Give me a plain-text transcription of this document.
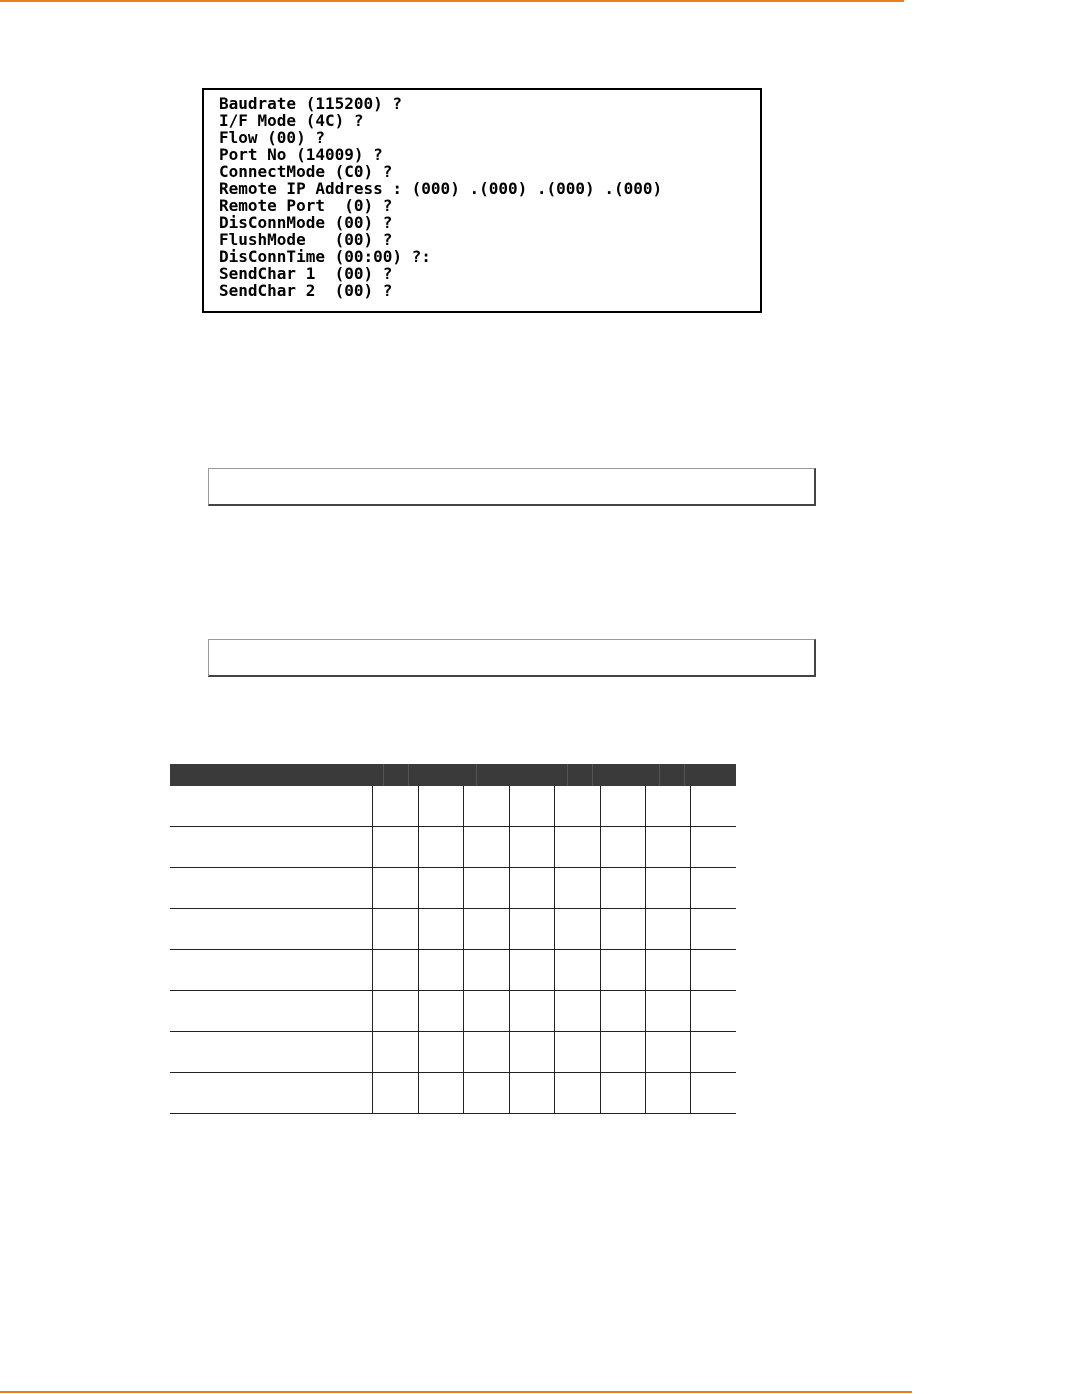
Baudrate (115200) ?
I/F Mode (4C) ?
Flow (00) ?
Port No (14009) ?
ConnectMode (C0) ?
Remote IP Address : (000) .(000) .(000) .(000)
Remote Port  (0) ?
DisConnMode (00) ?
FlushMode   (00) ?
DisConnTime (00:00) ?:
SendChar 1  (00) ?
SendChar 2  (00) ?
